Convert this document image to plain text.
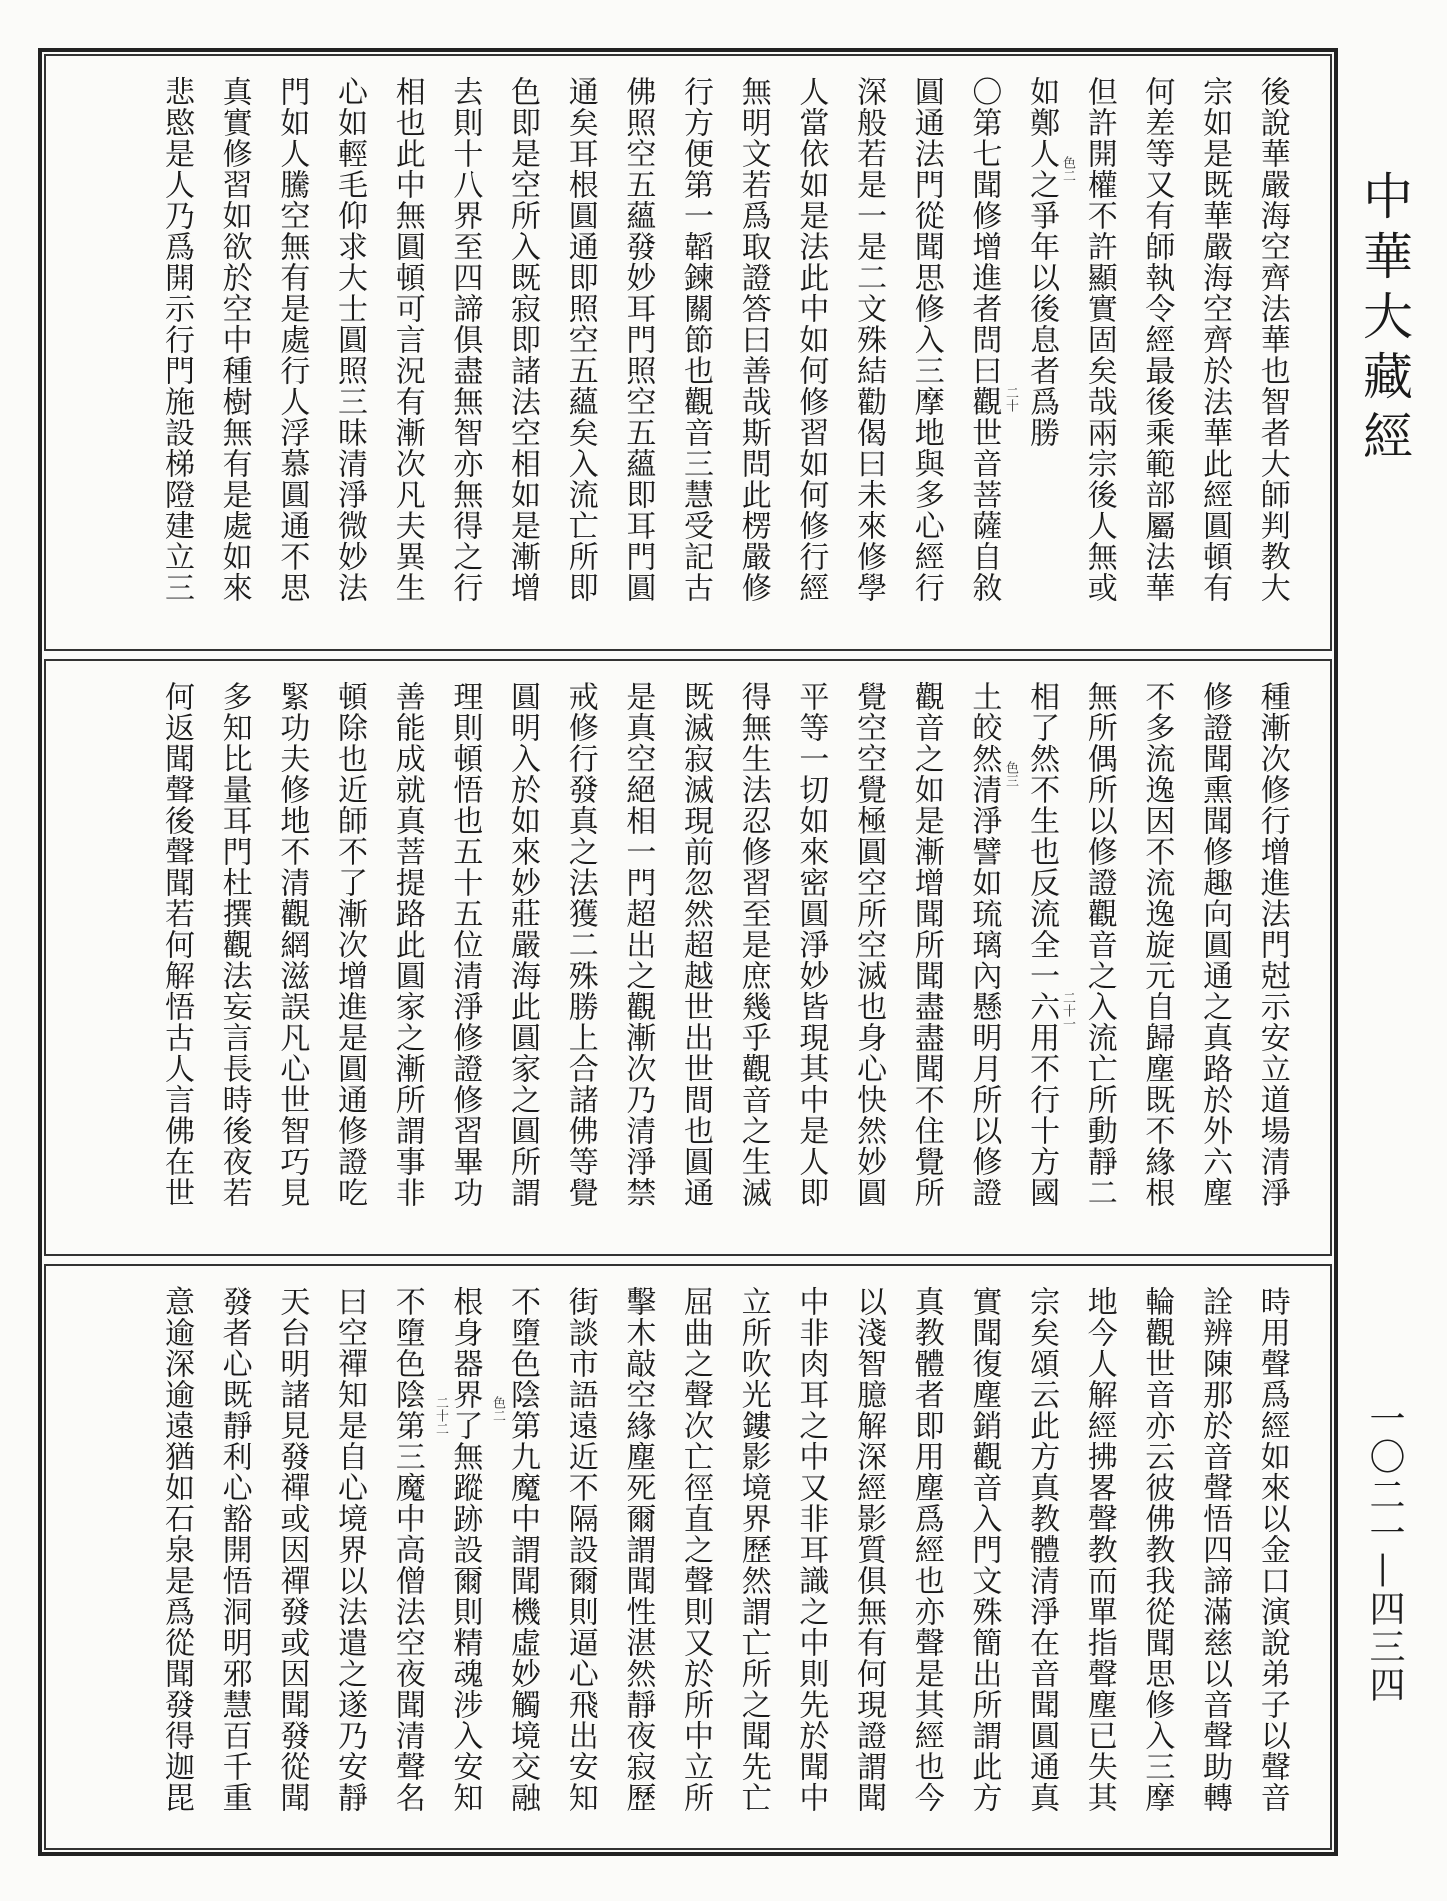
後說華嚴海空齊法華也智者大師判教大
宗如是既華嚴海空齊於法華此經圓頓有
何差等又有師執令經最後乘範部屬法華
但許開權不許顯實固矣哉兩宗後人無或
如鄭人之爭年以後息者爲勝
〇第七聞修增進者問曰觀世音菩薩自敘
圓通法門從聞思修入三摩地與多心經行
深般若是一是二文殊結勸偈曰未來修學
人當依如是法此中如何修習如何修行經
無明文若爲取證答曰善哉斯問此楞嚴修
行方便第一韜鍊關節也觀音三慧受記古
佛照空五蘊發妙耳門照空五蘊即耳門圓
通矣耳根圓通即照空五蘊矣入流亡所即
色即是空所入既寂即諸法空相如是漸增
去則十八界至四諦俱盡無智亦無得之行
相也此中無圓頓可言況有漸次凡夫異生
心如輕毛仰求大士圓照三昧清淨微妙法
門如人騰空無有是處行人浮慕圓通不思
真實修習如欲於空中種樹無有是處如來
悲愍是人乃爲開示行門施設梯隥建立三	色二
二十
種漸次修行增進法門尅示安立道場清淨
修證聞熏聞修趣向圓通之真路於外六塵
不多流逸因不流逸旋元自歸塵既不緣根
無所偶所以修證觀音之入流亡所動靜二
相了然不生也反流全一六用不行十方國
土皎然清淨譬如琉璃內懸明月所以修證
觀音之如是漸增聞所聞盡盡聞不住覺所
覺空空覺極圓空所空滅也身心快然妙圓
平等一切如來密圓淨妙皆現其中是人即
得無生法忍修習至是庶幾乎觀音之生滅
既滅寂滅現前忽然超越世出世間也圓通
是真空絕相一門超出之觀漸次乃清淨禁
戒修行發真之法獲二殊勝上合諸佛等覺
圓明入於如來妙莊嚴海此圓家之圓所謂
理則頓悟也五十五位清淨修證修習畢功
善能成就真菩提路此圓家之漸所謂事非
頓除也近師不了漸次增進是圓通修證吃
緊功夫修地不清觀網滋誤凡心世智巧見
多知比量耳門杜撰觀法妄言長時後夜若
何返聞聲後聲聞若何解悟古人言佛在世	色三
二十一
時用聲爲經如來以金口演說弟子以聲音
詮辨陳那於音聲悟四諦滿慈以音聲助轉
輪觀世音亦云彼佛教我從聞思修入三摩
地今人解經拂畧聲教而單指聲塵已失其
宗矣頌云此方真教體清淨在音聞圓通真
實聞復塵銷觀音入門文殊簡出所謂此方
真教體者即用塵爲經也亦聲是其經也今
以淺智臆解深經影質俱無有何現證謂聞
中非肉耳之中又非耳識之中則先於聞中
立所吹光鏤影境界歷然謂亡所之聞先亡
屈曲之聲次亡徑直之聲則又於所中立所
擊木敲空緣塵死爾謂聞性湛然靜夜寂歷
街談市語遠近不隔設爾則逼心飛出安知
不墮色陰第九魔中謂聞機虛妙觸境交融
根身器界了無蹤跡設爾則精魂涉入安知
不墮色陰第三魔中高僧法空夜聞清聲名
曰空禪知是自心境界以法遣之遂乃安靜
天台明諸見發禪或因禪發或因聞發從聞
發者心既靜利心豁開悟洞明邪慧百千重
意逾深逾遠猶如石泉是爲從聞發得迦毘	色二
二十二
中華大藏經
一〇二一—四三四
